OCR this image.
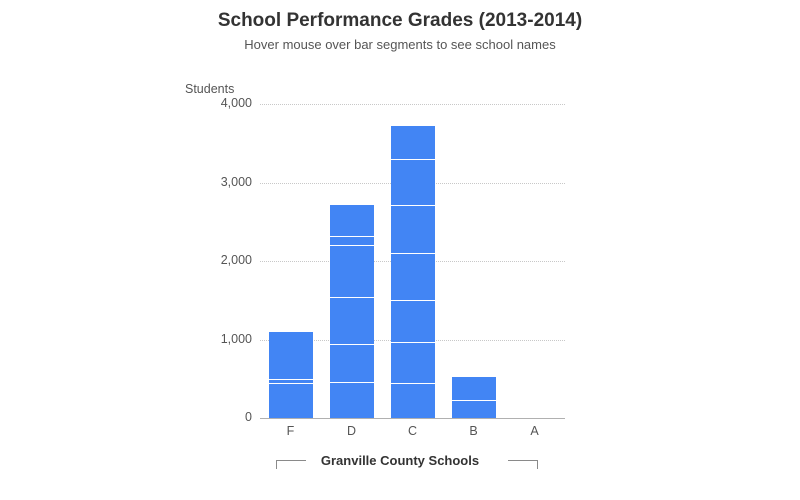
School Performance Grades (2013-2014)
Hover mouse over bar segments to see school names
Students
0
1,000
2,000
3,000
4,000
F	D	C	B	A
Granville County Schools
